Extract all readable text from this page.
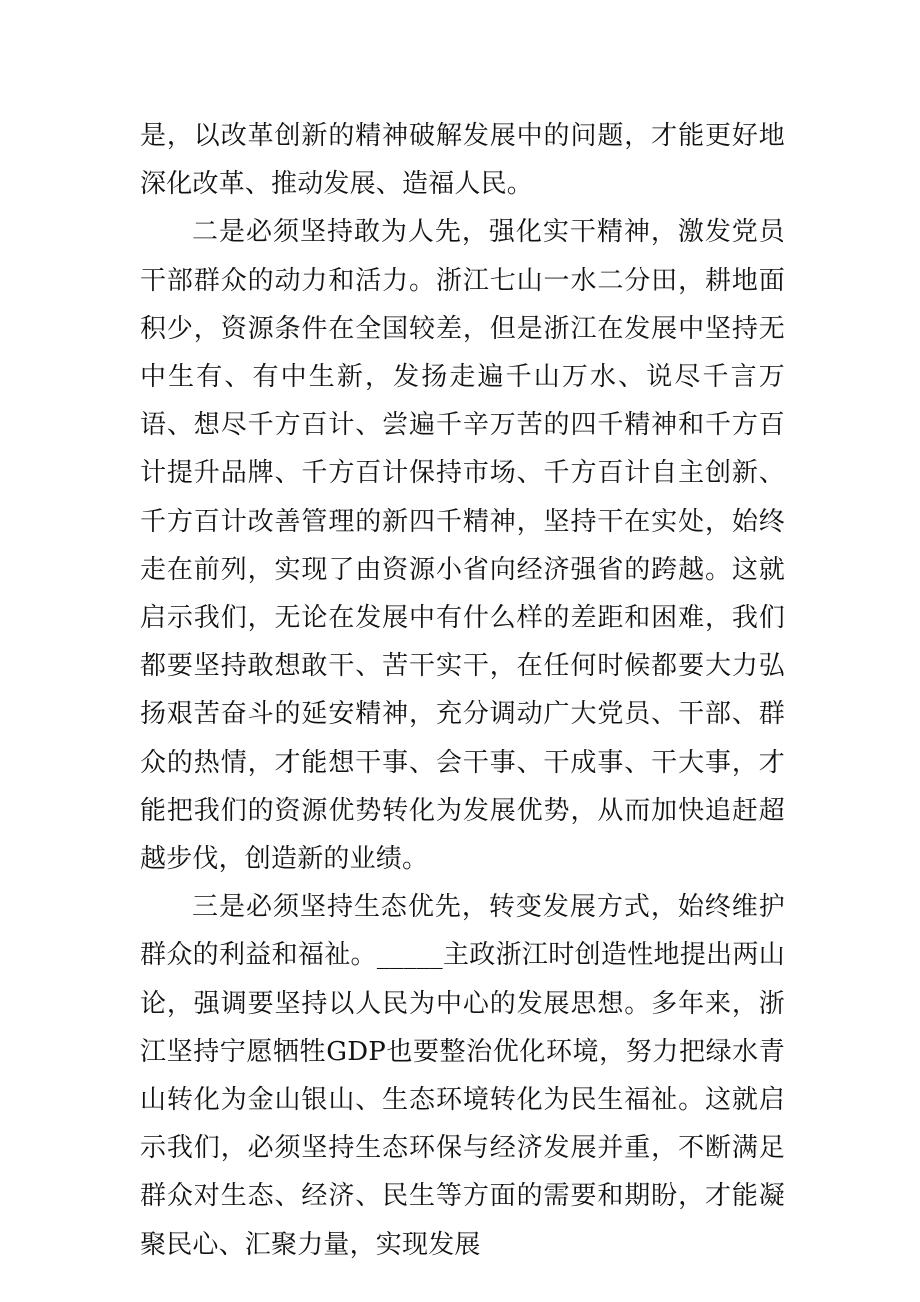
是，以改革创新的精神破解发展中的问题，才能更好地深化改革、推动发展、造福人民。

二是必须坚持敢为人先，强化实干精神，激发党员干部群众的动力和活力。浙江七山一水二分田，耕地面积少，资源条件在全国较差，但是浙江在发展中坚持无中生有、有中生新，发扬走遍千山万水、说尽千言万语、想尽千方百计、尝遍千辛万苦的四千精神和千方百计提升品牌、千方百计保持市场、千方百计自主创新、千方百计改善管理的新四千精神，坚持干在实处，始终走在前列，实现了由资源小省向经济强省的跨越。这就启示我们，无论在发展中有什么样的差距和困难，我们都要坚持敢想敢干、苦干实干，在任何时候都要大力弘扬艰苦奋斗的延安精神，充分调动广大党员、干部、群众的热情，才能想干事、会干事、干成事、干大事，才能把我们的资源优势转化为发展优势，从而加快追赶超越步伐，创造新的业绩。

三是必须坚持生态优先，转变发展方式，始终维护群众的利益和福祉。_____主政浙江时创造性地提出两山论，强调要坚持以人民为中心的发展思想。多年来，浙江坚持宁愿牺牲GDP也要整治优化环境，努力把绿水青山转化为金山银山、生态环境转化为民生福祉。这就启示我们，必须坚持生态环保与经济发展并重，不断满足群众对生态、经济、民生等方面的需要和期盼，才能凝聚民心、汇聚力量，实现发展
